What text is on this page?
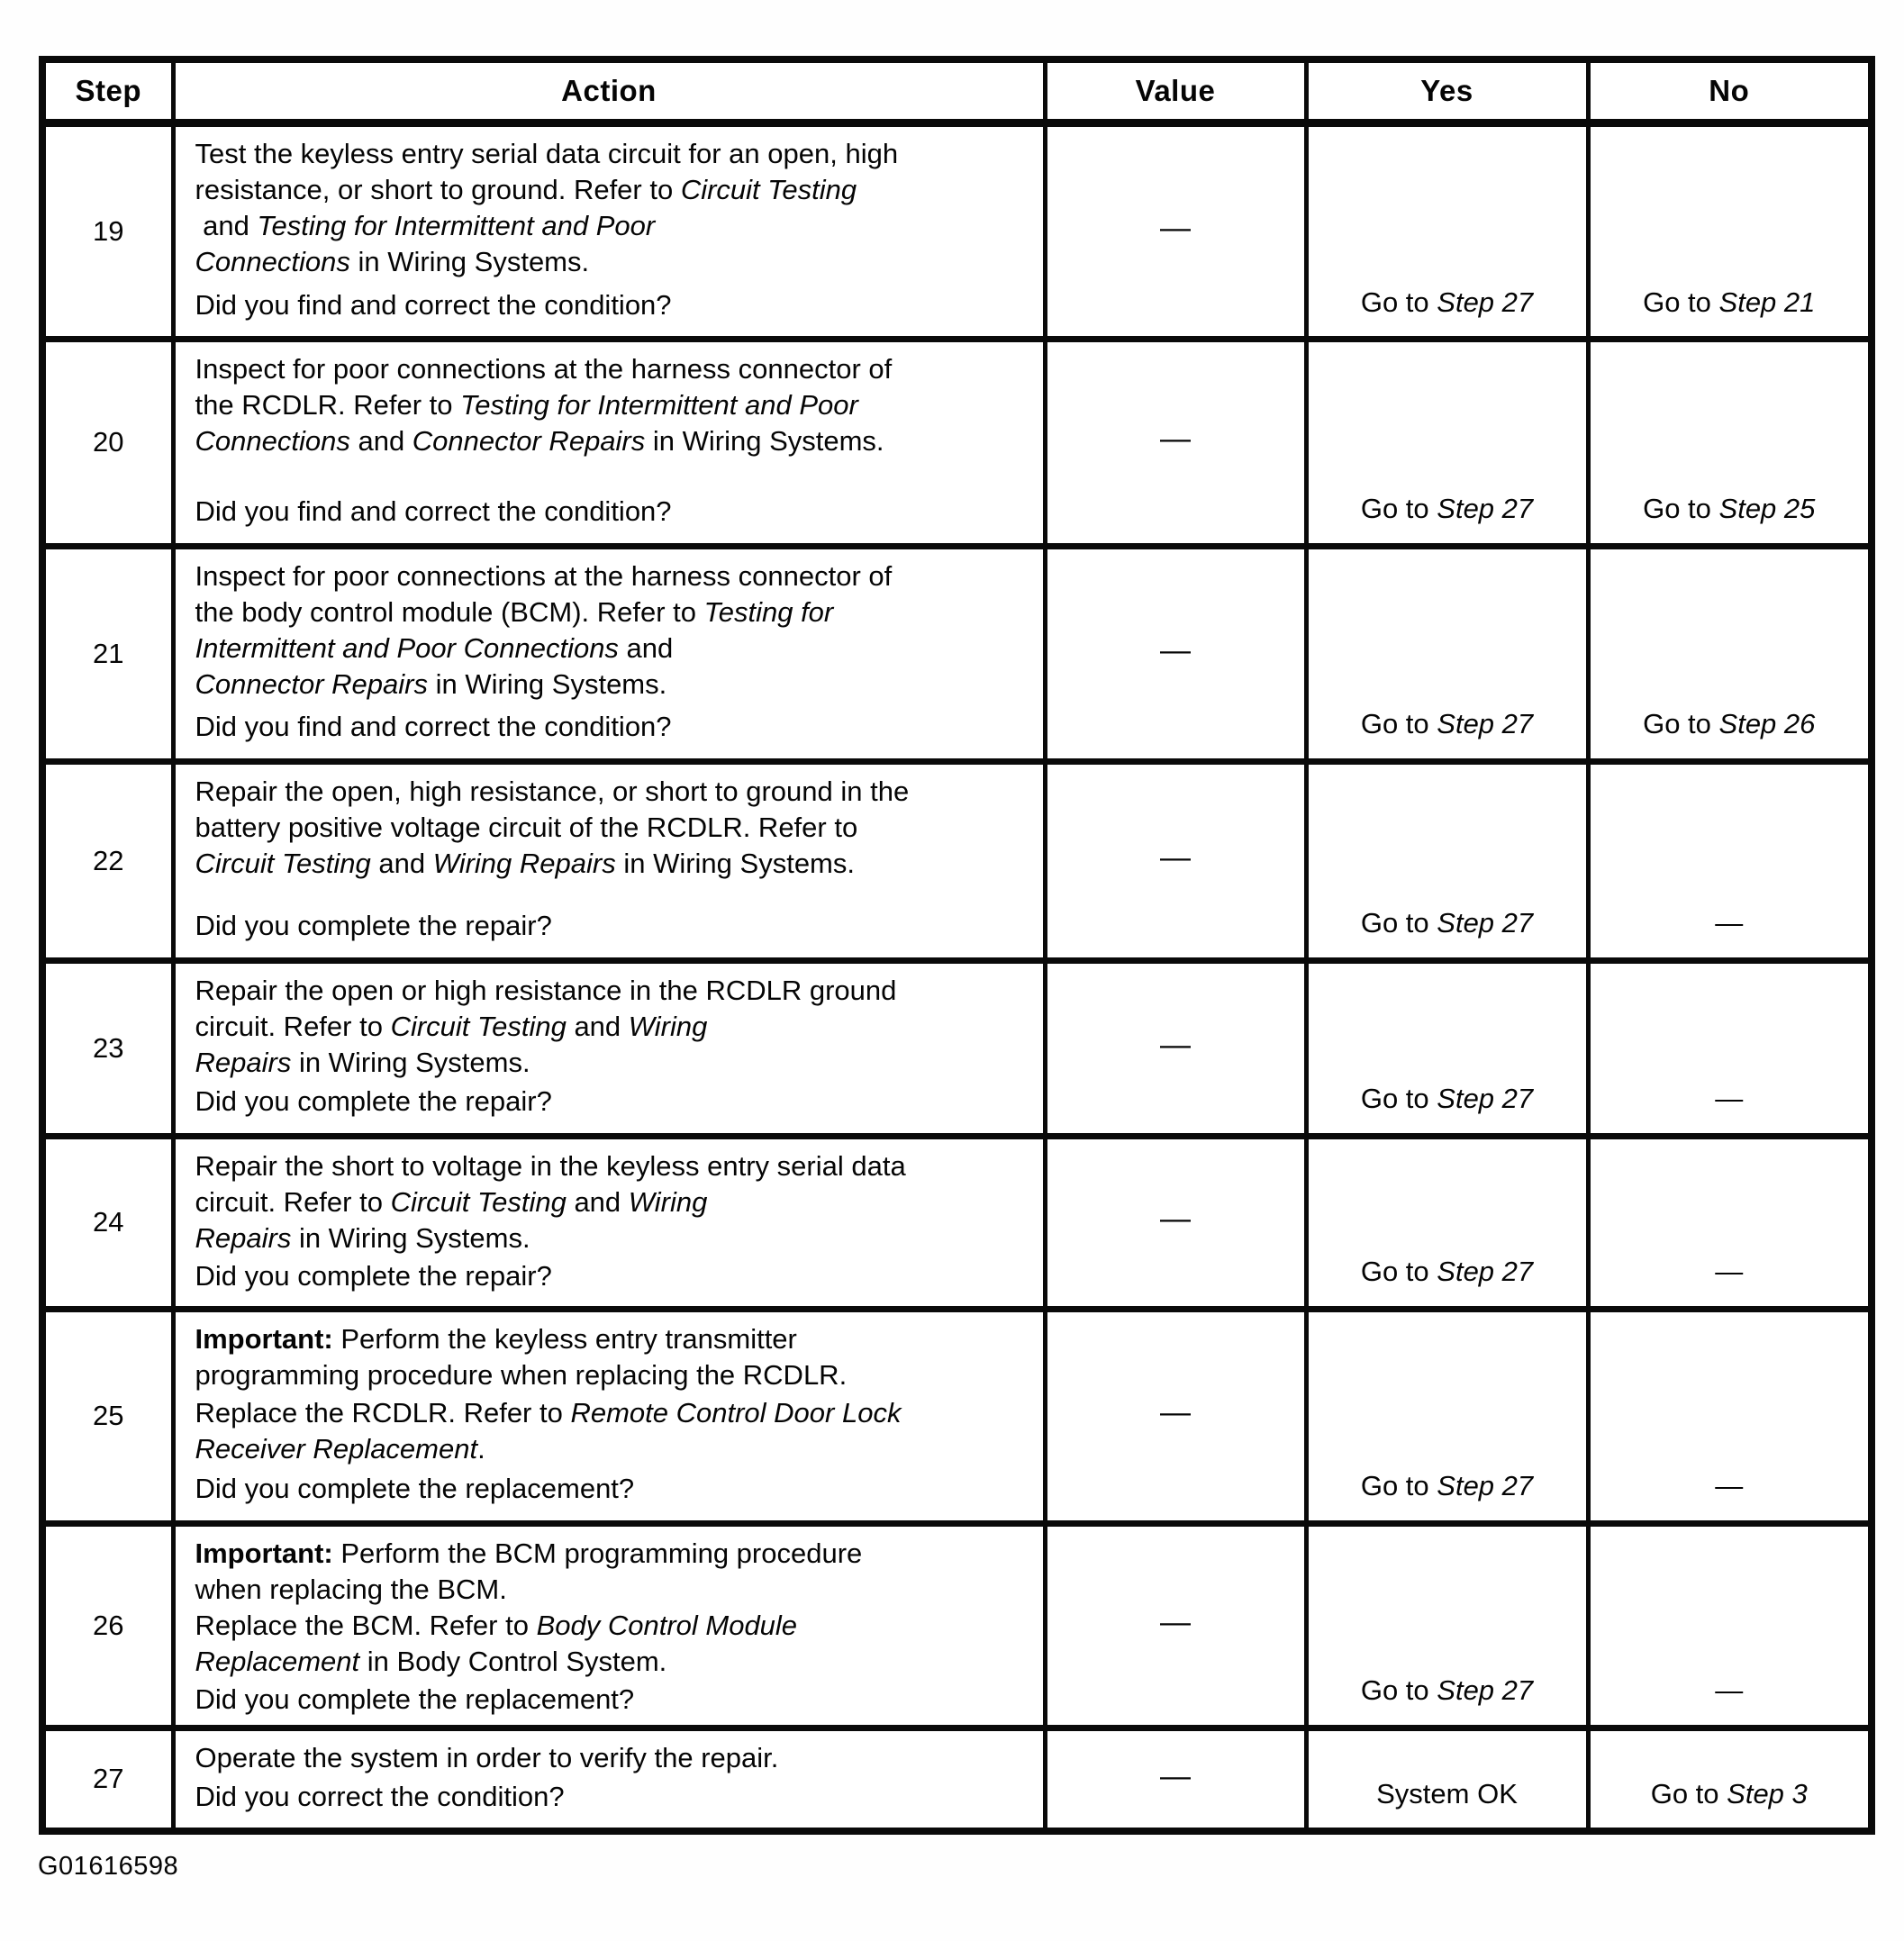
Step	Action	Value	Yes	No
19	Test the keyless entry serial data circuit for an open, high
resistance, or short to ground. Refer to Circuit Testing
and Testing for Intermittent and Poor
Connections in Wiring Systems.
Did you find and correct the condition?	—	Go to Step 27	Go to Step 21

20	Inspect for poor connections at the harness connector of
the RCDLR. Refer to Testing for Intermittent and Poor
Connections and Connector Repairs in Wiring Systems.
Did you find and correct the condition?	—	Go to Step 27	Go to Step 25

21	Inspect for poor connections at the harness connector of
the body control module (BCM). Refer to Testing for
Intermittent and Poor Connections and
Connector Repairs in Wiring Systems.
Did you find and correct the condition?	—	Go to Step 27	Go to Step 26

22	Repair the open, high resistance, or short to ground in the
battery positive voltage circuit of the RCDLR. Refer to
Circuit Testing and Wiring Repairs in Wiring Systems.
Did you complete the repair?	—	Go to Step 27	—

23	Repair the open or high resistance in the RCDLR ground
circuit. Refer to Circuit Testing and Wiring
Repairs in Wiring Systems.
Did you complete the repair?	—	Go to Step 27	—

24	Repair the short to voltage in the keyless entry serial data
circuit. Refer to Circuit Testing and Wiring
Repairs in Wiring Systems.
Did you complete the repair?	—	Go to Step 27	—

25	Important: Perform the keyless entry transmitter
programming procedure when replacing the RCDLR.
Replace the RCDLR. Refer to Remote Control Door Lock
Receiver Replacement.
Did you complete the replacement?	—	Go to Step 27	—

26	Important: Perform the BCM programming procedure
when replacing the BCM.
Replace the BCM. Refer to Body Control Module
Replacement in Body Control System.
Did you complete the replacement?	—	Go to Step 27	—

27	Operate the system in order to verify the repair.
Did you correct the condition?	—	System OK	Go to Step 3
G01616598
